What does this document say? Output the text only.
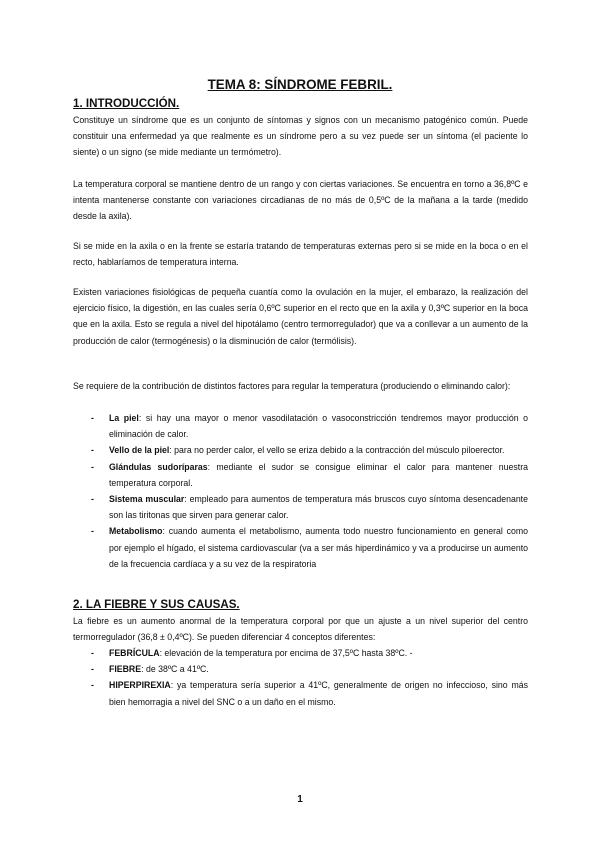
TEMA 8: SÍNDROME FEBRIL.
1. INTRODUCCIÓN.

Constituye un síndrome que es un conjunto de síntomas y signos con un mecanismo patogénico común. Puede constituir una enfermedad ya que realmente es un síndrome pero a su vez puede ser un síntoma (el paciente lo siente) o un signo (se mide mediante un termómetro).

La temperatura corporal se mantiene dentro de un rango y con ciertas variaciones. Se encuentra en torno a 36,8ºC e intenta mantenerse constante con variaciones circadianas de no más de 0,5ºC de la mañana a la tarde (medido desde la axila).

Si se mide en la axila o en la frente se estaría tratando de temperaturas externas pero si se mide en la boca o en el recto, hablaríamos de temperatura interna.

Existen variaciones fisiológicas de pequeña cuantía como la ovulación en la mujer, el embarazo, la realización del ejercicio físico, la digestión, en las cuales sería 0,6ºC superior en el recto que en la axila y 0,3ºC superior en la boca que en la axila. Esto se regula a nivel del hipotálamo (centro termorregulador) que va a conllevar a un aumento de la producción de calor (termogénesis) o la disminución de calor (termólisis).

Se requiere de la contribución de distintos factores para regular la temperatura (produciendo o eliminando calor):

- La piel: si hay una mayor o menor vasodilatación o vasoconstricción tendremos mayor producción o eliminación de calor.
- Vello de la piel: para no perder calor, el vello se eriza debido a la contracción del músculo piloerector.
- Glándulas sudoríparas: mediante el sudor se consigue eliminar el calor para mantener nuestra temperatura corporal.
- Sistema muscular: empleado para aumentos de temperatura más bruscos cuyo síntoma desencadenante son las tiritonas que sirven para generar calor.
- Metabolismo: cuando aumenta el metabolismo, aumenta todo nuestro funcionamiento en general como por ejemplo el hígado, el sistema cardiovascular (va a ser más hiperdinámico y va a producirse un aumento de la frecuencia cardíaca y a su vez de la respiratoria
2. LA FIEBRE Y SUS CAUSAS.

La fiebre es un aumento anormal de la temperatura corporal por que un ajuste a un nivel superior del centro termorregulador (36,8 ± 0,4ºC). Se pueden diferenciar 4 conceptos diferentes:

- FEBRÍCULA: elevación de la temperatura por encima de 37,5ºC hasta 38ºC. -
- FIEBRE: de 38ºC a 41ºC.
- HIPERPIREXIA: ya temperatura sería superior a 41ºC, generalmente de origen no infeccioso, sino más bien hemorragia a nivel del SNC o a un daño en el mismo.
1
